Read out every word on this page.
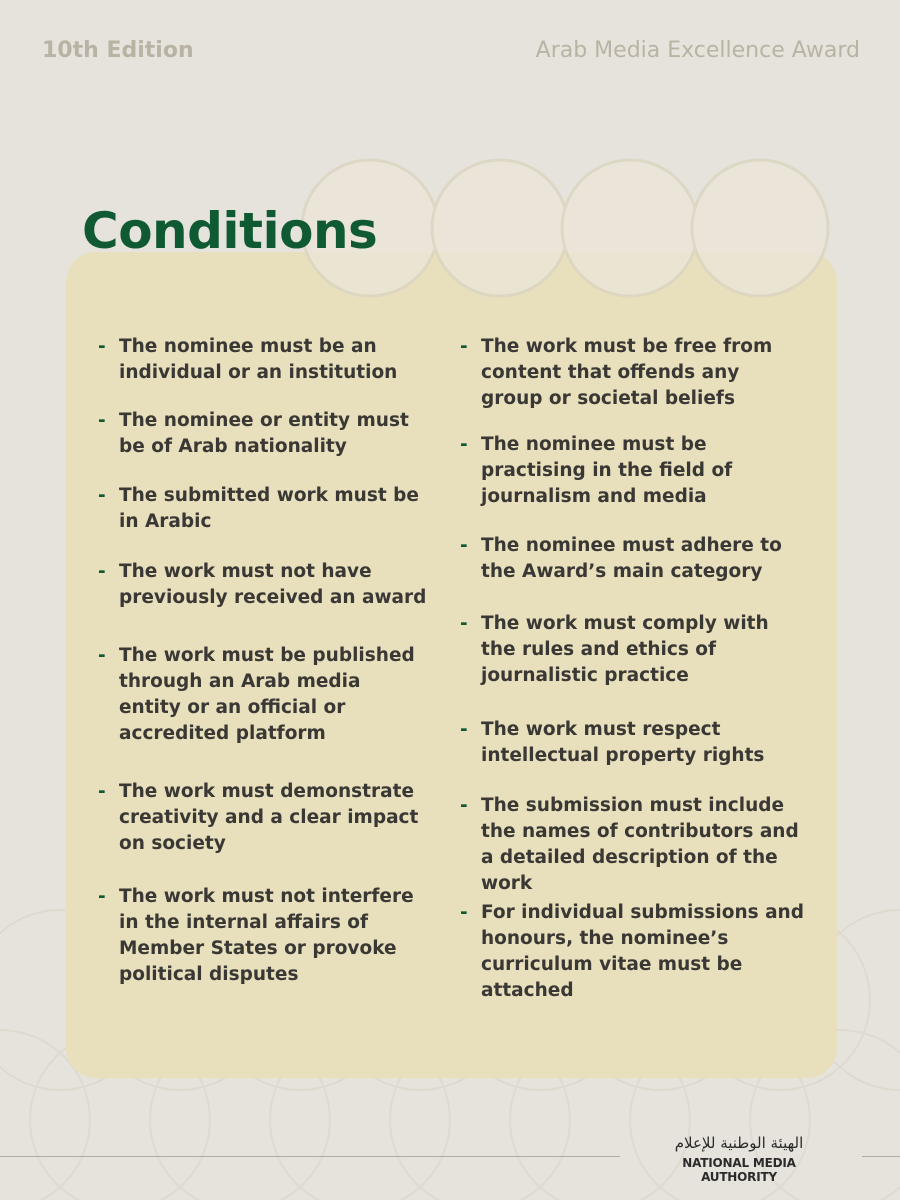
10th Edition	Arab Media Excellence Award
Conditions
- The nominee must be an individual or an institution
- The nominee or entity must be of Arab nationality
- The submitted work must be in Arabic
- The work must not have previously received an award
- The work must be published through an Arab media entity or an official or accredited platform
- The work must demonstrate creativity and a clear impact on society
- The work must not interfere in the internal affairs of Member States or provoke political disputes
- The work must be free from content that offends any group or societal beliefs
- The nominee must be practising in the field of journalism and media
- The nominee must adhere to the Award’s main category
- The work must comply with the rules and ethics of journalistic practice
- The work must respect intellectual property rights
- The submission must include the names of contributors and a detailed description of the work
- For individual submissions and honours, the nominee’s curriculum vitae must be attached
الهيئة الوطنية للإعلام
NATIONAL MEDIA AUTHORITY
